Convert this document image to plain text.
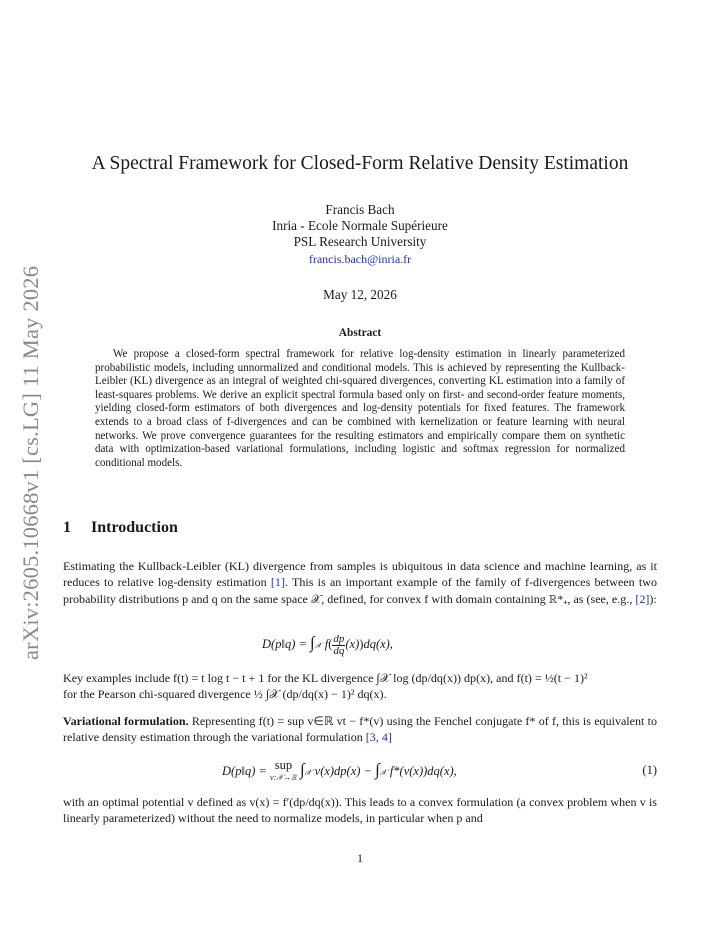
arXiv:2605.10668v1 [cs.LG] 11 May 2026
A Spectral Framework for Closed-Form Relative Density Estimation
Francis Bach
Inria - Ecole Normale Supérieure
PSL Research University
francis.bach@inria.fr
May 12, 2026
Abstract
We propose a closed-form spectral framework for relative log-density estimation in linearly parameterized probabilistic models, including unnormalized and conditional models. This is achieved by representing the Kullback-Leibler (KL) divergence as an integral of weighted chi-squared divergences, converting KL estimation into a family of least-squares problems. We derive an explicit spectral formula based only on first- and second-order feature moments, yielding closed-form estimators of both divergences and log-density potentials for fixed features. The framework extends to a broad class of f-divergences and can be combined with kernelization or feature learning with neural networks. We prove convergence guarantees for the resulting estimators and empirically compare them on synthetic data with optimization-based variational formulations, including logistic and softmax regression for normalized conditional models.
1 Introduction
Estimating the Kullback-Leibler (KL) divergence from samples is ubiquitous in data science and machine learning, as it reduces to relative log-density estimation [1]. This is an important example of the family of f-divergences between two probability distributions p and q on the same space 𝒳, defined, for convex f with domain containing ℝ*₊, as (see, e.g., [2]):
D(p‖q) = ∫𝒳 $f( \frac{dp}{dq} (x))dq(x)$,
Key examples include f(t) = t log t − t + 1 for the KL divergence ∫𝒳 log (dp/dq(x)) dp(x), and f(t) = ½(t − 1)²
for the Pearson chi-squared divergence ½ ∫𝒳 (dp/dq(x) − 1)² dq(x).
Variational formulation. Representing f(t) = sup v∈ℝ vt − f*(v) using the Fenchel conjugate f* of f, this is equivalent to relative density estimation through the variational formulation [3, 4]
D(p‖q) = sup
v:𝒳→ℝ ∫𝒳 v(x)dp(x) − ∫𝒳 f*(v(x))dq(x),	(1)
with an optimal potential v defined as v(x) = f′(dp/dq(x)). This leads to a convex formulation (a convex problem when v is linearly parameterized) without the need to normalize models, in particular when p and
1
